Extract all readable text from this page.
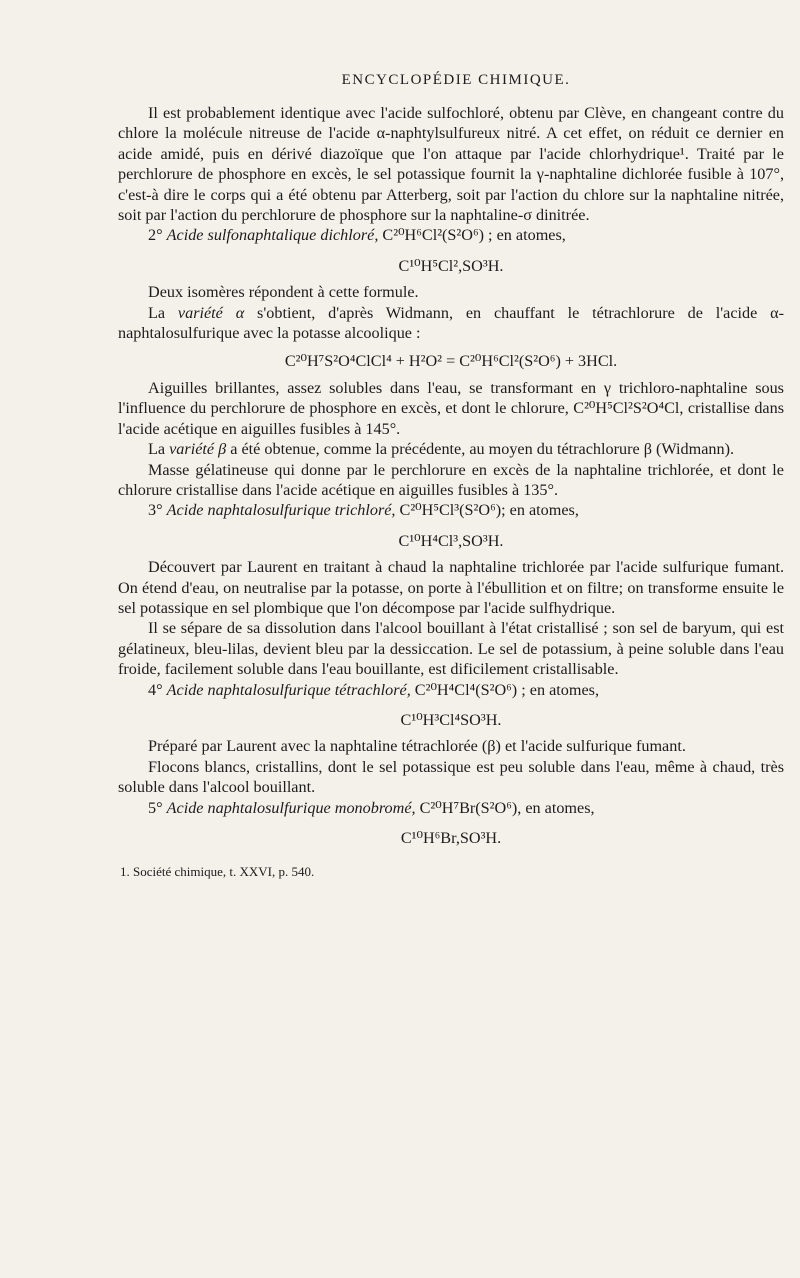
ENCYCLOPÉDIE CHIMIQUE.

Il est probablement identique avec l'acide sulfochloré, obtenu par Clève, en changeant contre du chlore la molécule nitreuse de l'acide α-naphtylsulfureux nitré. A cet effet, on réduit ce dernier en acide amidé, puis en dérivé diazoïque que l'on attaque par l'acide chlorhydrique¹. Traité par le perchlorure de phosphore en excès, le sel potassique fournit la γ-naphtaline dichlorée fusible à 107°, c'est-à dire le corps qui a été obtenu par Atterberg, soit par l'action du chlore sur la naphtaline nitrée, soit par l'action du perchlorure de phosphore sur la naphtaline-σ dinitrée.

2° Acide sulfonaphtalique dichloré, C²⁰H⁶Cl²(S²O⁶) ; en atomes,

C¹⁰H⁵Cl²,SO³H.

Deux isomères répondent à cette formule.

La variété α s'obtient, d'après Widmann, en chauffant le tétrachlorure de l'acide α-naphtalosulfurique avec la potasse alcoolique :

C²⁰H⁷S²O⁴ClCl⁴ + H²O² = C²⁰H⁶Cl²(S²O⁶) + 3HCl.

Aiguilles brillantes, assez solubles dans l'eau, se transformant en γ trichloro-naphtaline sous l'influence du perchlorure de phosphore en excès, et dont le chlorure, C²⁰H⁵Cl²S²O⁴Cl, cristallise dans l'acide acétique en aiguilles fusibles à 145°.

La variété β a été obtenue, comme la précédente, au moyen du tétrachlorure β (Widmann).

Masse gélatineuse qui donne par le perchlorure en excès de la naphtaline trichlorée, et dont le chlorure cristallise dans l'acide acétique en aiguilles fusibles à 135°.

3° Acide naphtalosulfurique trichloré, C²⁰H⁵Cl³(S²O⁶); en atomes,

C¹⁰H⁴Cl³,SO³H.

Découvert par Laurent en traitant à chaud la naphtaline trichlorée par l'acide sulfurique fumant. On étend d'eau, on neutralise par la potasse, on porte à l'ébullition et on filtre; on transforme ensuite le sel potassique en sel plombique que l'on décompose par l'acide sulfhydrique.

Il se sépare de sa dissolution dans l'alcool bouillant à l'état cristallisé ; son sel de baryum, qui est gélatineux, bleu-lilas, devient bleu par la dessiccation. Le sel de potassium, à peine soluble dans l'eau froide, facilement soluble dans l'eau bouillante, est dificilement cristallisable.

4° Acide naphtalosulfurique tétrachloré, C²⁰H⁴Cl⁴(S²O⁶) ; en atomes,

C¹⁰H³Cl⁴SO³H.

Préparé par Laurent avec la naphtaline tétrachlorée (β) et l'acide sulfurique fumant.

Flocons blancs, cristallins, dont le sel potassique est peu soluble dans l'eau, même à chaud, très soluble dans l'alcool bouillant.

5° Acide naphtalosulfurique monobromé, C²⁰H⁷Br(S²O⁶), en atomes,

C¹⁰H⁶Br,SO³H.

1. Société chimique, t. XXVI, p. 540.
